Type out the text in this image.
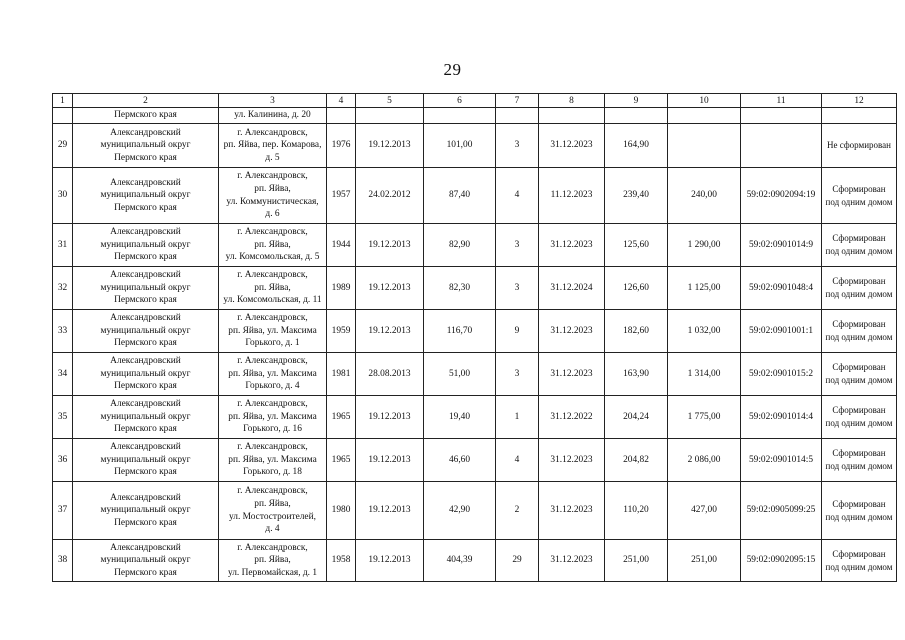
29
1	2	3	4	5	6	7	8	9	10	11	12
	Пермского края	ул. Калинина, д. 20									
29	Александровский
муниципальный округ
Пермского края	г. Александровск,
рп. Яйва, пер. Комарова,
д. 5	1976	19.12.2013	101,00	3	31.12.2023	164,90			Не сформирован
30	Александровский
муниципальный округ
Пермского края	г. Александровск,
рп. Яйва,
ул. Коммунистическая,
д. 6	1957	24.02.2012	87,40	4	11.12.2023	239,40	240,00	59:02:0902094:19	Сформирован
под одним домом
31	Александровский
муниципальный округ
Пермского края	г. Александровск,
рп. Яйва,
ул. Комсомольская, д. 5	1944	19.12.2013	82,90	3	31.12.2023	125,60	1 290,00	59:02:0901014:9	Сформирован
под одним домом
32	Александровский
муниципальный округ
Пермского края	г. Александровск,
рп. Яйва,
ул. Комсомольская, д. 11	1989	19.12.2013	82,30	3	31.12.2024	126,60	1 125,00	59:02:0901048:4	Сформирован
под одним домом
33	Александровский
муниципальный округ
Пермского края	г. Александровск,
рп. Яйва, ул. Максима
Горького, д. 1	1959	19.12.2013	116,70	9	31.12.2023	182,60	1 032,00	59:02:0901001:1	Сформирован
под одним домом
34	Александровский
муниципальный округ
Пермского края	г. Александровск,
рп. Яйва, ул. Максима
Горького, д. 4	1981	28.08.2013	51,00	3	31.12.2023	163,90	1 314,00	59:02:0901015:2	Сформирован
под одним домом
35	Александровский
муниципальный округ
Пермского края	г. Александровск,
рп. Яйва, ул. Максима
Горького, д. 16	1965	19.12.2013	19,40	1	31.12.2022	204,24	1 775,00	59:02:0901014:4	Сформирован
под одним домом
36	Александровский
муниципальный округ
Пермского края	г. Александровск,
рп. Яйва, ул. Максима
Горького, д. 18	1965	19.12.2013	46,60	4	31.12.2023	204,82	2 086,00	59:02:0901014:5	Сформирован
под одним домом
37	Александровский
муниципальный округ
Пермского края	г. Александровск,
рп. Яйва,
ул. Мостостроителей,
д. 4	1980	19.12.2013	42,90	2	31.12.2023	110,20	427,00	59:02:0905099:25	Сформирован
под одним домом
38	Александровский
муниципальный округ
Пермского края	г. Александровск,
рп. Яйва,
ул. Первомайская, д. 1	1958	19.12.2013	404,39	29	31.12.2023	251,00	251,00	59:02:0902095:15	Сформирован
под одним домом
